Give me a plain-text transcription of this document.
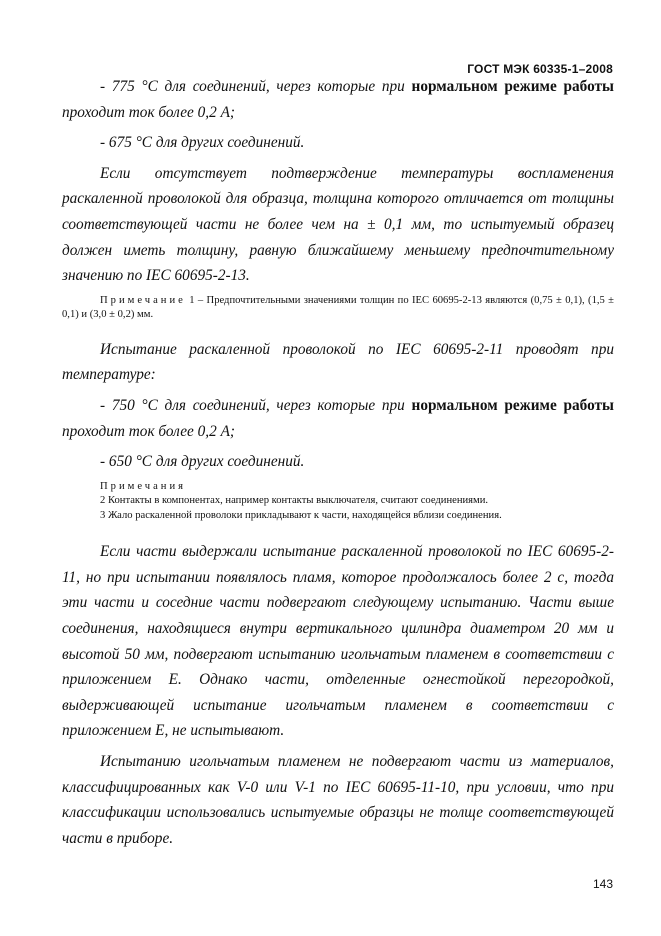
ГОСТ МЭК 60335-1–2008

- 775 °С для соединений, через которые при нормальном режиме работы проходит ток более 0,2 А;

- 675 °С для других соединений.

Если отсутствует подтверждение температуры воспламенения раскаленной проволокой для образца, толщина которого отличается от толщины соответствующей части не более чем на ± 0,1 мм, то испытуемый образец должен иметь толщину, равную ближайшему меньшему предпочтительному значению по IEC 60695-2-13.

Примечание 1 – Предпочтительными значениями толщин по IEC 60695-2-13 являются (0,75 ± 0,1), (1,5 ± 0,1) и (3,0 ± 0,2) мм.

Испытание раскаленной проволокой по IEC 60695-2-11 проводят при температуре:

- 750 °С для соединений, через которые при нормальном режиме работы проходит ток более 0,2 А;

- 650 °С для других соединений.

Примечания

2 Контакты в компонентах, например контакты выключателя, считают соединениями.

3 Жало раскаленной проволоки прикладывают к части, находящейся вблизи соединения.

Если части выдержали испытание раскаленной проволокой по IEC 60695-2-11, но при испытании появлялось пламя, которое продолжалось более 2 с, тогда эти части и соседние части подвергают следующему испытанию. Части выше соединения, находящиеся внутри вертикального цилиндра диаметром 20 мм и высотой 50 мм, подвергают испытанию игольчатым пламенем в соответствии с приложением Е. Однако части, отделенные огнестойкой перегородкой, выдерживающей испытание игольчатым пламенем в соответствии с приложением Е, не испытывают.

Испытанию игольчатым пламенем не подвергают части из материалов, классифицированных как V-0 или V-1 по IEC 60695-11-10, при условии, что при классификации использовались испытуемые образцы не толще соответствующей части в приборе.

143
